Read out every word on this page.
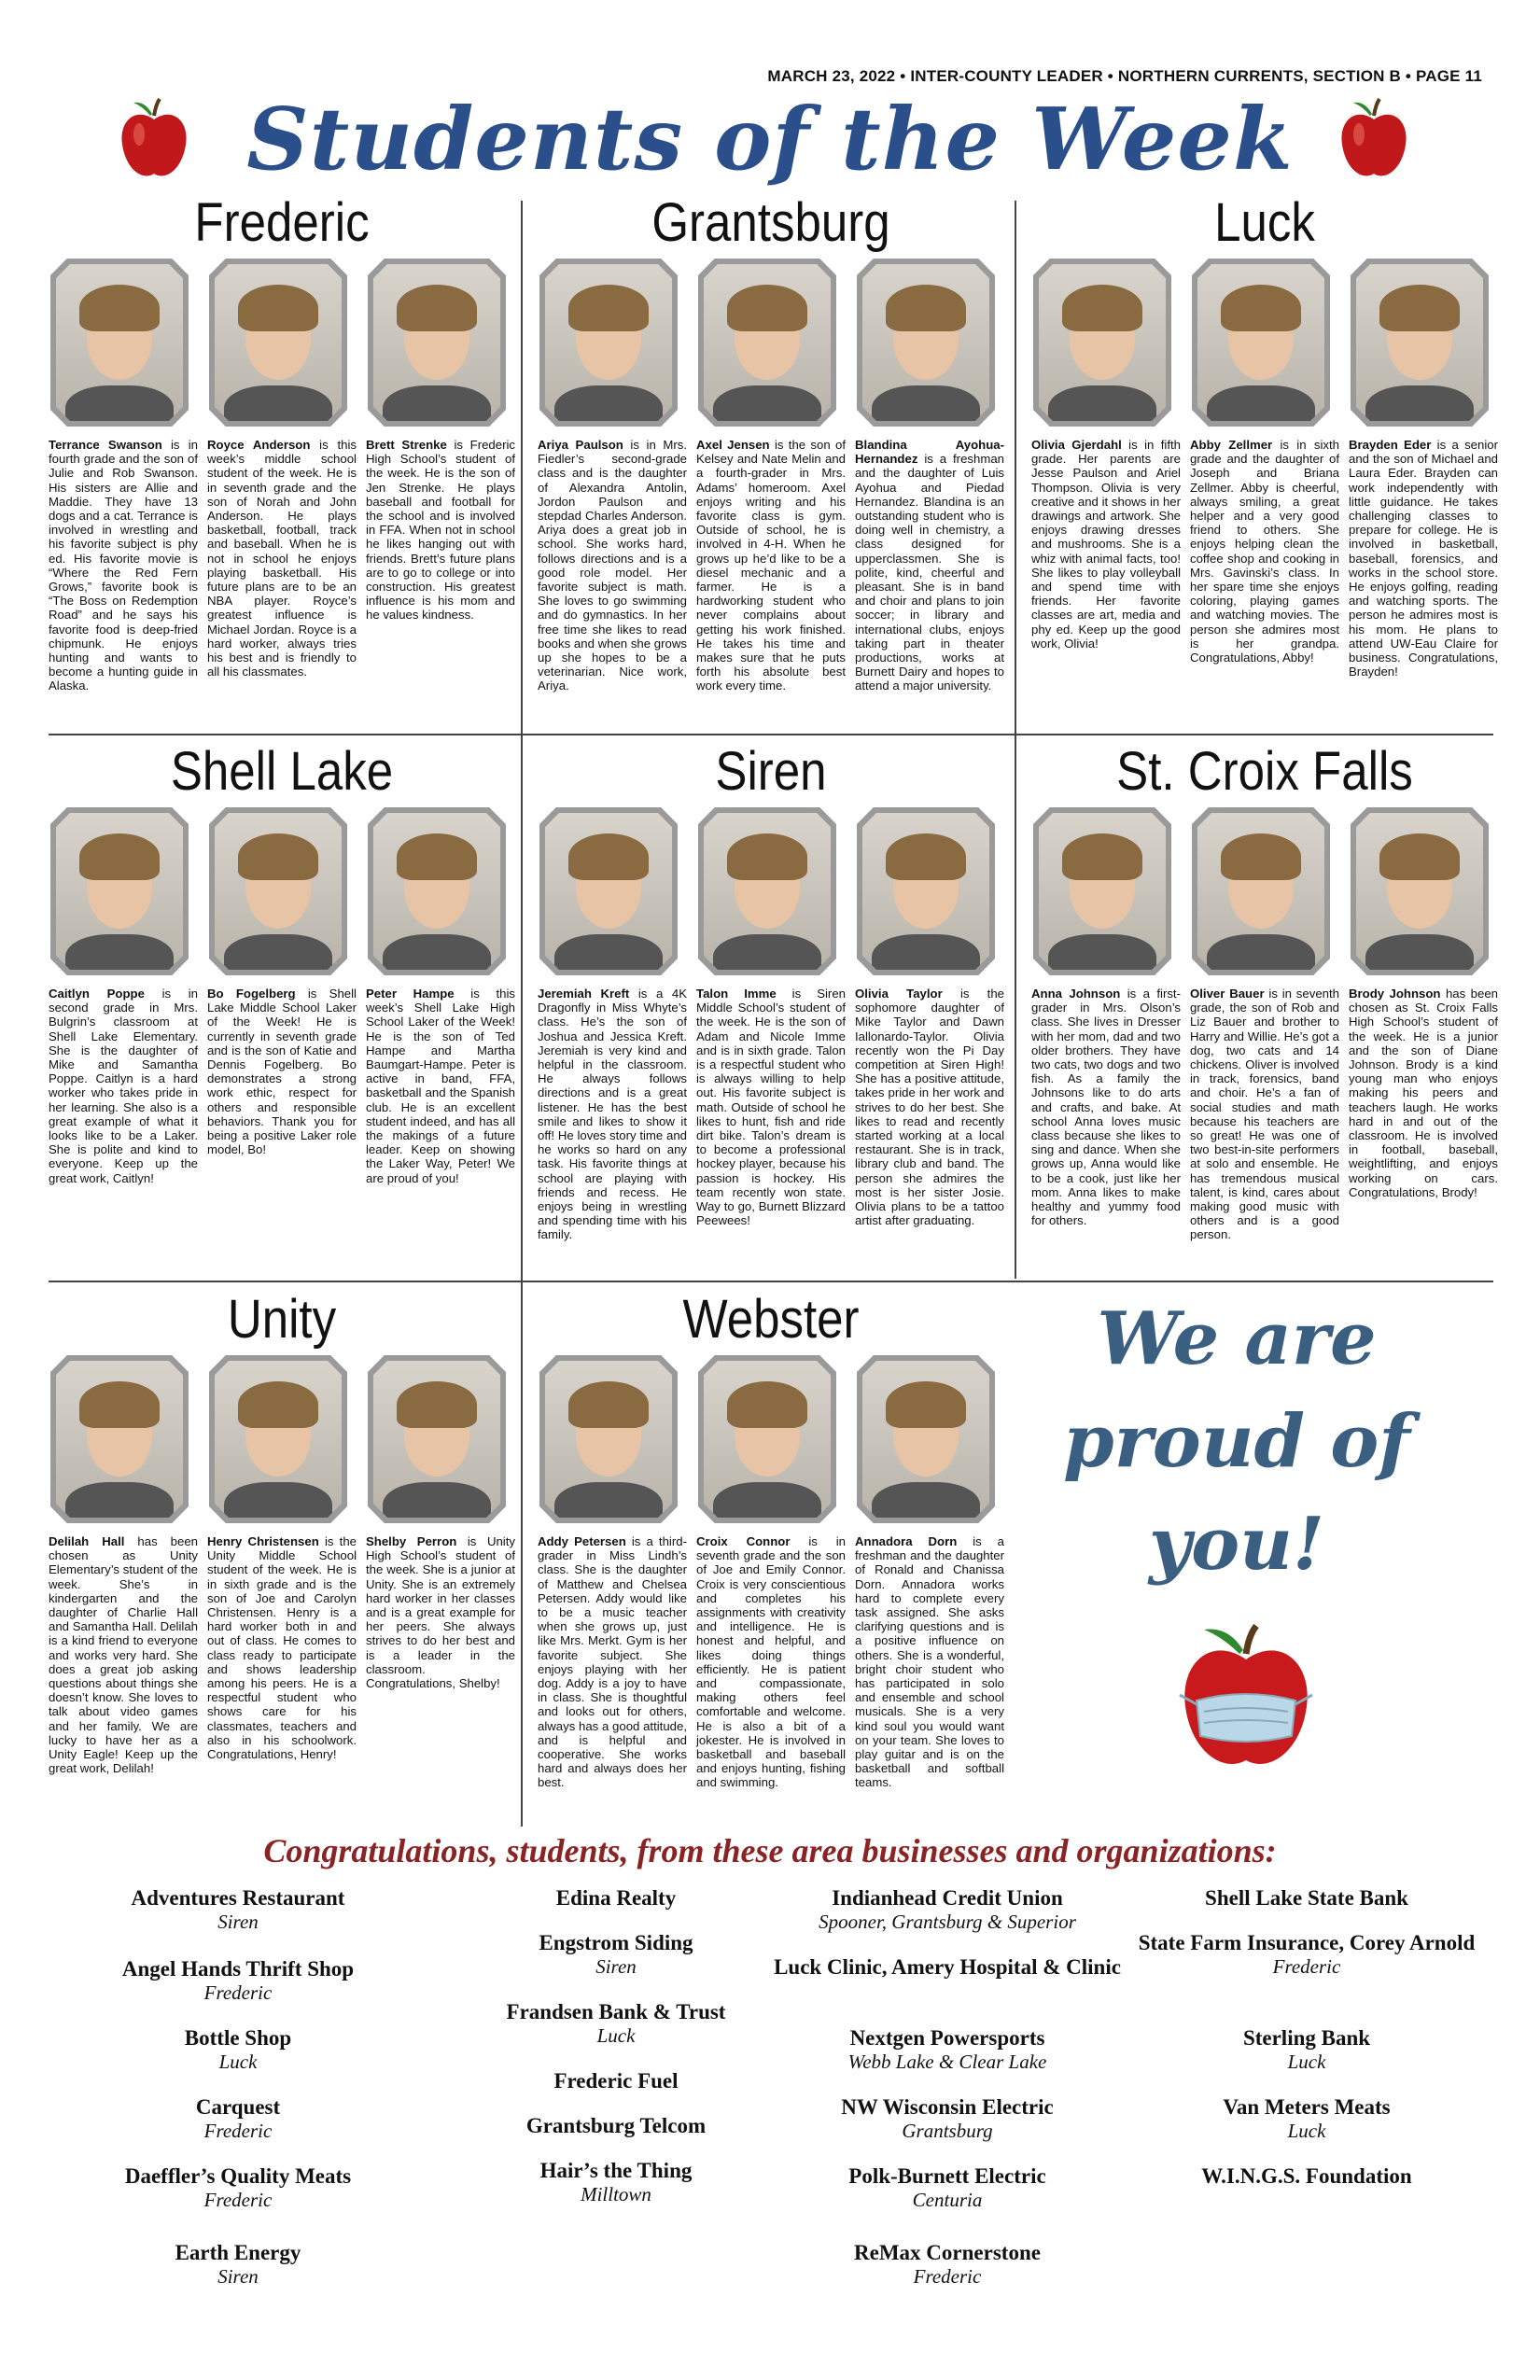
MARCH 23, 2022 • INTER-COUNTY LEADER • NORTHERN CURRENTS, SECTION B • PAGE 11
Students of the Week
Frederic
Terrance Swanson is in fourth grade and the son of Julie and Rob Swanson. His sisters are Allie and Maddie. They have 13 dogs and a cat. Terrance is involved in wrestling and his favorite subject is phy ed. His favorite movie is “Where the Red Fern Grows,” favorite book is “The Boss on Redemption Road” and he says his favorite food is deep-fried chipmunk. He enjoys hunting and wants to become a hunting guide in Alaska.
Royce Anderson is this week’s middle school student of the week. He is in seventh grade and the son of Norah and John Anderson. He plays basketball, football, track and baseball. When he is not in school he enjoys playing basketball. His future plans are to be an NBA player. Royce’s greatest influence is Michael Jordan. Royce is a hard worker, always tries his best and is friendly to all his classmates.
Brett Strenke is Frederic High School’s student of the week. He is the son of Jen Strenke. He plays baseball and football for the school and is involved in FFA. When not in school he likes hanging out with friends. Brett’s future plans are to go to college or into construction. His greatest influence is his mom and he values kindness.
Grantsburg
Ariya Paulson is in Mrs. Fiedler’s second-grade class and is the daughter of Alexandra Antolin, Jordon Paulson and stepdad Charles Anderson. Ariya does a great job in school. She works hard, follows directions and is a good role model. Her favorite subject is math. She loves to go swimming and do gymnastics. In her free time she likes to read books and when she grows up she hopes to be a veterinarian. Nice work, Ariya.
Axel Jensen is the son of Kelsey and Nate Melin and a fourth-grader in Mrs. Adams’ homeroom. Axel enjoys writing and his favorite class is gym. Outside of school, he is involved in 4-H. When he grows up he’d like to be a diesel mechanic and a farmer. He is a hardworking student who never complains about getting his work finished. He takes his time and makes sure that he puts forth his absolute best work every time.
Blandina Ayohua-Hernandez is a freshman and the daughter of Luis Ayohua and Piedad Hernandez. Blandina is an outstanding student who is doing well in chemistry, a class designed for upperclassmen. She is polite, kind, cheerful and pleasant. She is in band and choir and plans to join soccer; in library and international clubs, enjoys taking part in theater productions, works at Burnett Dairy and hopes to attend a major university.
Luck
Olivia Gjerdahl is in fifth grade. Her parents are Jesse Paulson and Ariel Thompson. Olivia is very creative and it shows in her drawings and artwork. She enjoys drawing dresses and mushrooms. She is a whiz with animal facts, too! She likes to play volleyball and spend time with friends. Her favorite classes are art, media and phy ed. Keep up the good work, Olivia!
Abby Zellmer is in sixth grade and the daughter of Joseph and Briana Zellmer. Abby is cheerful, always smiling, a great helper and a very good friend to others. She enjoys helping clean the coffee shop and cooking in Mrs. Gavinski’s class. In her spare time she enjoys coloring, playing games and watching movies. The person she admires most is her grandpa. Congratulations, Abby!
Brayden Eder is a senior and the son of Michael and Laura Eder. Brayden can work independently with little guidance. He takes challenging classes to prepare for college. He is involved in basketball, baseball, forensics, and works in the school store. He enjoys golfing, reading and watching sports. The person he admires most is his mom. He plans to attend UW-Eau Claire for business. Congratulations, Brayden!
Shell Lake
Caitlyn Poppe is in second grade in Mrs. Bulgrin’s classroom at Shell Lake Elementary. She is the daughter of Mike and Samantha Poppe. Caitlyn is a hard worker who takes pride in her learning. She also is a great example of what it looks like to be a Laker. She is polite and kind to everyone. Keep up the great work, Caitlyn!
Bo Fogelberg is Shell Lake Middle School Laker of the Week! He is currently in seventh grade and is the son of Katie and Dennis Fogelberg. Bo demonstrates a strong work ethic, respect for others and responsible behaviors. Thank you for being a positive Laker role model, Bo!
Peter Hampe is this week’s Shell Lake High School Laker of the Week! He is the son of Ted Hampe and Martha Baumgart-Hampe. Peter is active in band, FFA, basketball and the Spanish club. He is an excellent student indeed, and has all the makings of a future leader. Keep on showing the Laker Way, Peter! We are proud of you!
Siren
Jeremiah Kreft is a 4K Dragonfly in Miss Whyte’s class. He’s the son of Joshua and Jessica Kreft. Jeremiah is very kind and helpful in the classroom. He always follows directions and is a great listener. He has the best smile and likes to show it off! He loves story time and he works so hard on any task. His favorite things at school are playing with friends and recess. He enjoys being in wrestling and spending time with his family.
Talon Imme is Siren Middle School’s student of the week. He is the son of Adam and Nicole Imme and is in sixth grade. Talon is a respectful student who is always willing to help out. His favorite subject is math. Outside of school he likes to hunt, fish and ride dirt bike. Talon’s dream is to become a professional hockey player, because his passion is hockey. His team recently won state. Way to go, Burnett Blizzard Peewees!
Olivia Taylor is the sophomore daughter of Mike Taylor and Dawn Iallonardo-Taylor. Olivia recently won the Pi Day competition at Siren High! She has a positive attitude, takes pride in her work and strives to do her best. She likes to read and recently started working at a local restaurant. She is in track, library club and band. The person she admires the most is her sister Josie. Olivia plans to be a tattoo artist after graduating.
St. Croix Falls
Anna Johnson is a first-grader in Mrs. Olson’s class. She lives in Dresser with her mom, dad and two older brothers. They have two cats, two dogs and two fish. As a family the Johnsons like to do arts and crafts, and bake. At school Anna loves music class because she likes to sing and dance. When she grows up, Anna would like to be a cook, just like her mom. Anna likes to make healthy and yummy food for others.
Oliver Bauer is in seventh grade, the son of Rob and Liz Bauer and brother to Harry and Willie. He’s got a dog, two cats and 14 chickens. Oliver is involved in track, forensics, band and choir. He’s a fan of social studies and math because his teachers are so great! He was one of two best-in-site performers at solo and ensemble. He has tremendous musical talent, is kind, cares about making good music with others and is a good person.
Brody Johnson has been chosen as St. Croix Falls High School’s student of the week. He is a junior and the son of Diane Johnson. Brody is a kind young man who enjoys making his peers and teachers laugh. He works hard in and out of the classroom. He is involved in football, baseball, weightlifting, and enjoys working on cars. Congratulations, Brody!
Unity
Delilah Hall has been chosen as Unity Elementary’s student of the week. She’s in kindergarten and the daughter of Charlie Hall and Samantha Hall. Delilah is a kind friend to everyone and works very hard. She does a great job asking questions about things she doesn’t know. She loves to talk about video games and her family. We are lucky to have her as a Unity Eagle! Keep up the great work, Delilah!
Henry Christensen is the Unity Middle School student of the week. He is in sixth grade and is the son of Joe and Carolyn Christensen. Henry is a hard worker both in and out of class. He comes to class ready to participate and shows leadership among his peers. He is a respectful student who shows care for his classmates, teachers and also in his schoolwork. Congratulations, Henry!
Shelby Perron is Unity High School’s student of the week. She is a junior at Unity. She is an extremely hard worker in her classes and is a great example for her peers. She always strives to do her best and is a leader in the classroom. Congratulations, Shelby!
Webster
Addy Petersen is a third-grader in Miss Lindh’s class. She is the daughter of Matthew and Chelsea Petersen. Addy would like to be a music teacher when she grows up, just like Mrs. Merkt. Gym is her favorite subject. She enjoys playing with her dog. Addy is a joy to have in class. She is thoughtful and looks out for others, always has a good attitude, and is helpful and cooperative. She works hard and always does her best.
Croix Connor is in seventh grade and the son of Joe and Emily Connor. Croix is very conscientious and completes his assignments with creativity and intelligence. He is honest and helpful, and likes doing things efficiently. He is patient and compassionate, making others feel comfortable and welcome. He is also a bit of a jokester. He is involved in basketball and baseball and enjoys hunting, fishing and swimming.
Annadora Dorn is a freshman and the daughter of Ronald and Chanissa Dorn. Annadora works hard to complete every task assigned. She asks clarifying questions and is a positive influence on others. She is a wonderful, bright choir student who has participated in solo and ensemble and school musicals. She is a very kind soul you would want on your team. She loves to play guitar and is on the basketball and softball teams.
We are
proud of
you!
Congratulations, students, from these area businesses and organizations:
Adventures Restaurant
Siren
Angel Hands Thrift Shop
Frederic
Bottle Shop
Luck
Carquest
Frederic
Daeffler’s Quality Meats
Frederic
Earth Energy
Siren
Edina Realty
Engstrom Siding
Siren
Frandsen Bank & Trust
Luck
Frederic Fuel
Grantsburg Telcom
Hair’s the Thing
Milltown
Indianhead Credit Union
Spooner, Grantsburg & Superior
Luck Clinic, Amery Hospital & Clinic
Nextgen Powersports
Webb Lake & Clear Lake
NW Wisconsin Electric
Grantsburg
Polk-Burnett Electric
Centuria
ReMax Cornerstone
Frederic
Shell Lake State Bank
State Farm Insurance, Corey Arnold
Frederic
Sterling Bank
Luck
Van Meters Meats
Luck
W.I.N.G.S. Foundation
